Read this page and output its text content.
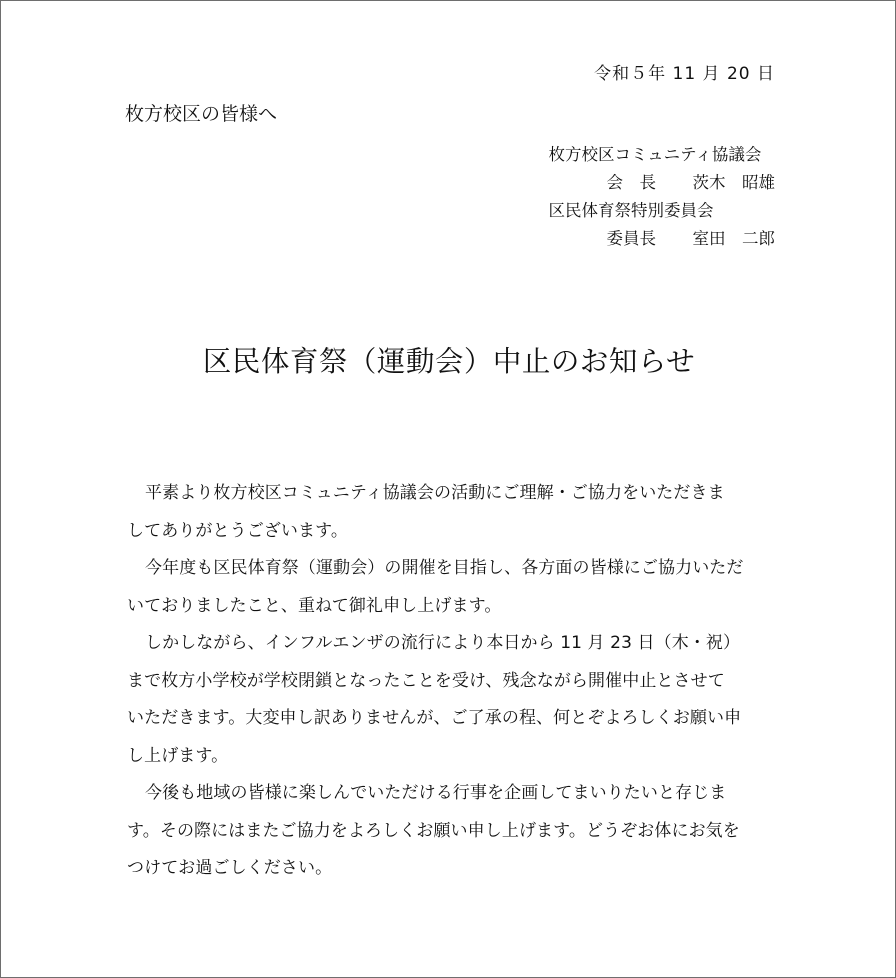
令和５年 11 月 20 日
枚方校区の皆様へ
枚方校区コミュニティ協議会
会　長 茨木　昭雄
区民体育祭特別委員会
委員長 室田　二郎
区民体育祭（運動会）中止のお知らせ
平素より枚方校区コミュニティ協議会の活動にご理解・ご協力をいただきま
してありがとうございます。
今年度も区民体育祭（運動会）の開催を目指し、各方面の皆様にご協力いただ
いておりましたこと、重ねて御礼申し上げます。
しかしながら、インフルエンザの流行により本日から 11 月 23 日（木・祝）
まで枚方小学校が学校閉鎖となったことを受け、残念ながら開催中止とさせて
いただきます。大変申し訳ありませんが、ご了承の程、何とぞよろしくお願い申
し上げます。
今後も地域の皆様に楽しんでいただける行事を企画してまいりたいと存じま
す。その際にはまたご協力をよろしくお願い申し上げます。どうぞお体にお気を
つけてお過ごしください。
